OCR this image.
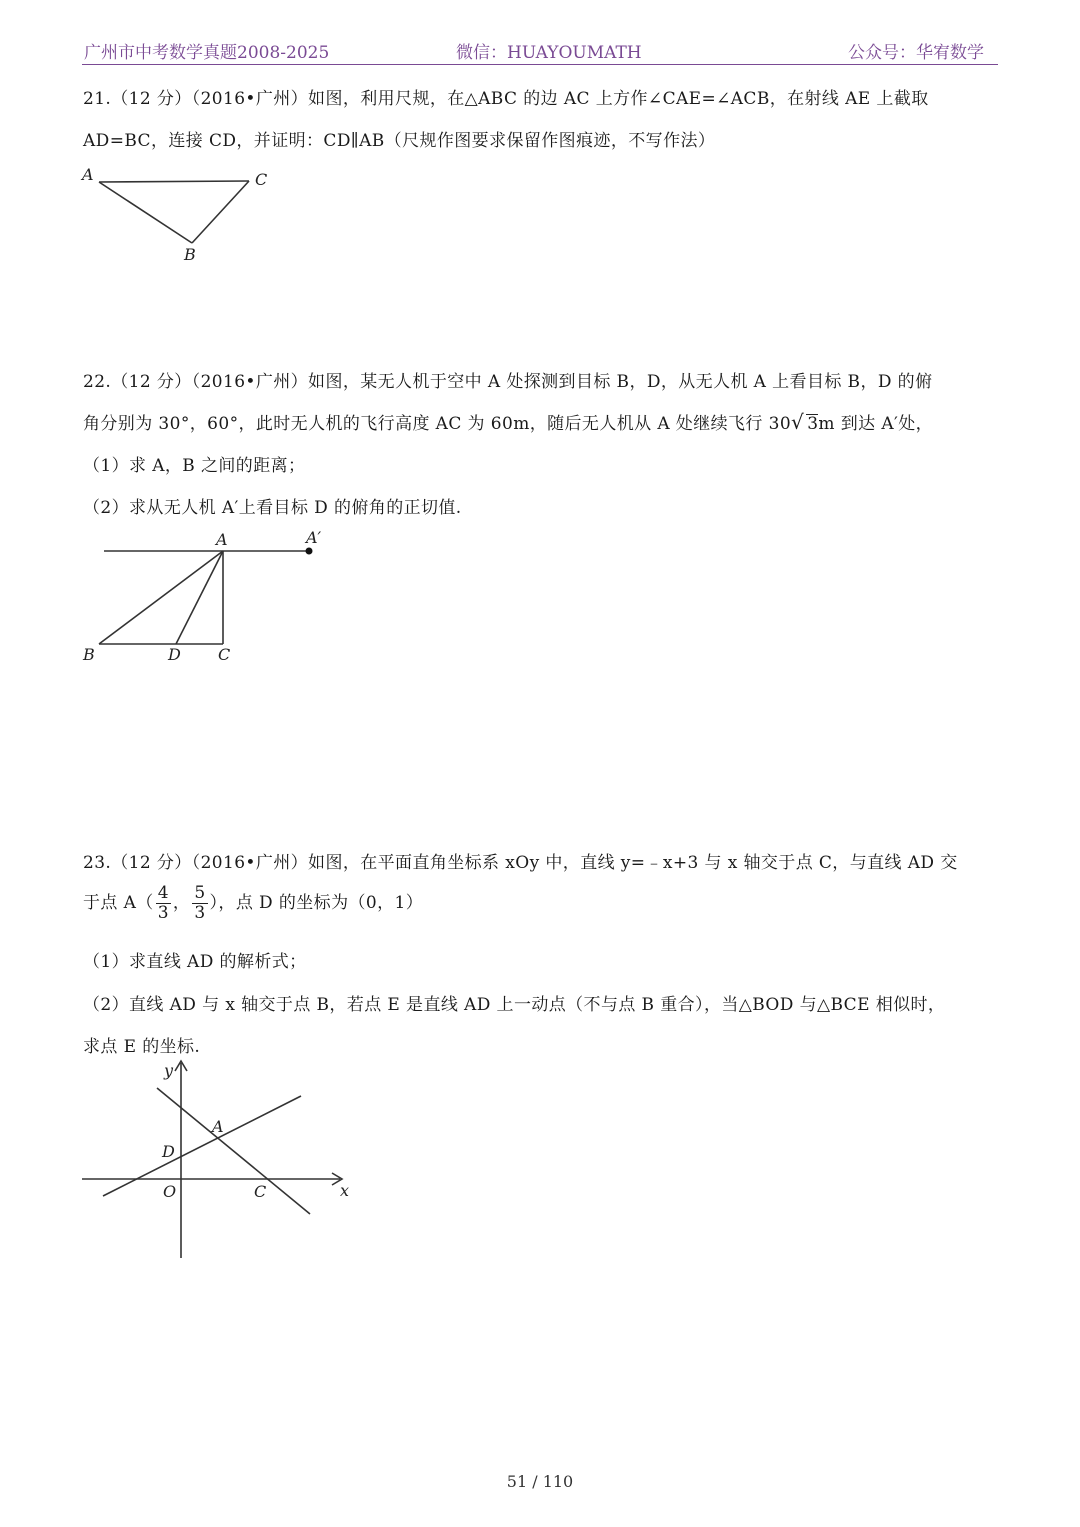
广州市中考数学真题2008-2025	微信：HUAYOUMATH	公众号：华宥数学
21.（12 分）（2016•广州）如图，利用尺规，在△ABC 的边 AC 上方作∠CAE=∠ACB，在射线 AE 上截取
AD=BC，连接 CD，并证明：CD∥AB（尺规作图要求保留作图痕迹，不写作法）
A	C
B
22.（12 分）（2016•广州）如图，某无人机于空中 A 处探测到目标 B，D，从无人机 A 上看目标 B，D 的俯
角分别为 30°，60°，此时无人机的飞行高度 AC 为 60m，随后无人机从 A 处继续飞行 30√ 3m 到达 A′处，
（1）求 A，B 之间的距离；
（2）求从无人机 A′上看目标 D 的俯角的正切值.
A	A′
B	D C
23.（12 分）（2016•广州）如图，在平面直角坐标系 xOy 中，直线 y=﹣x+3 与 x 轴交于点 C，与直线 AD 交
于点 $A( \frac{4}{3}$ ， $\frac{5}{3}$ ），点 D 的坐标为（0，1）
（1）求直线 AD 的解析式；
（2）直线 AD 与 x 轴交于点 B，若点 E 是直线 AD 上一动点（不与点 B 重合），当△BOD 与△BCE 相似时，
求点 E 的坐标.
y
x
O
D
A
C
51 / 110
